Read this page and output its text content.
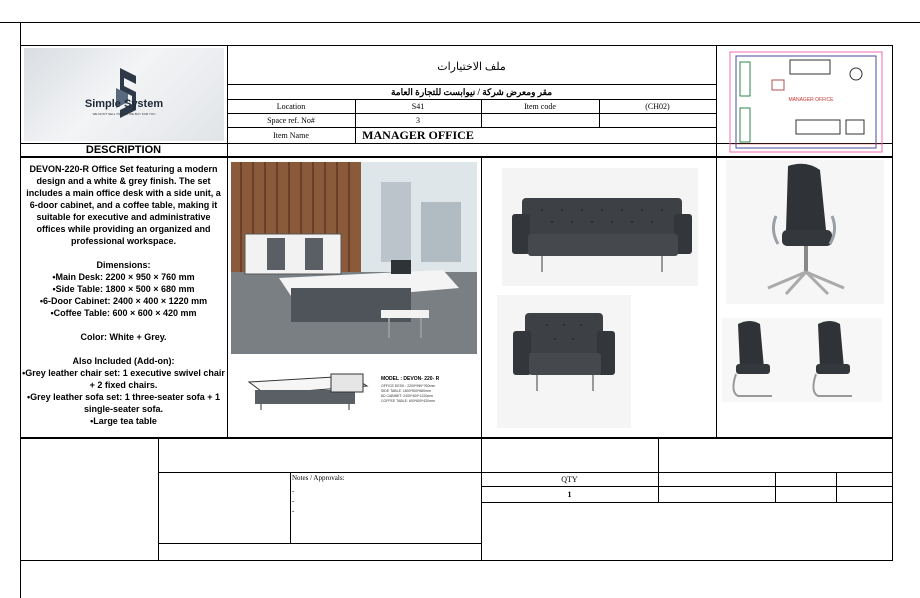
Simple System
WE DON'T SELL TO YOU, WE BUY FOR YOU
ملف الاختيارات
مقر ومعرض شركة / نيوابست للتجارة العامة
Location	S41	Item code	(CH02)
Space ref. No#	3
Item Name	MANAGER OFFICE
MANAGER OFFICE
DESCRIPTION
DEVON-220-R Office Set featuring a modern design and a white & grey finish. The set includes a main office desk with a side unit, a 6-door cabinet, and a coffee table, making it suitable for executive and administrative offices while providing an organized and professional workspace.
Dimensions:
•Main Desk: 2200 × 950 × 760 mm
•Side Table: 1800 × 500 × 680 mm
•6-Door Cabinet: 2400 × 400 × 1220 mm
•Coffee Table: 600 × 600 × 420 mm
Color: White + Grey.
Also Included (Add-on):
•Grey leather chair set: 1 executive swivel chair + 2 fixed chairs.
•Grey leather sofa set: 1 three-seater sofa + 1 single-seater sofa.
•Large tea table
MODEL : DEVON- 220- R
OFFICE DESK : 2200*950*760mm
SIDE TABLE: 1800*500*680mm
6D CABINET: 2400*400*1220mm
COFFEE TABLE: 600*600*420mm
Notes / Approvals:
-
-
-
QTY
1
